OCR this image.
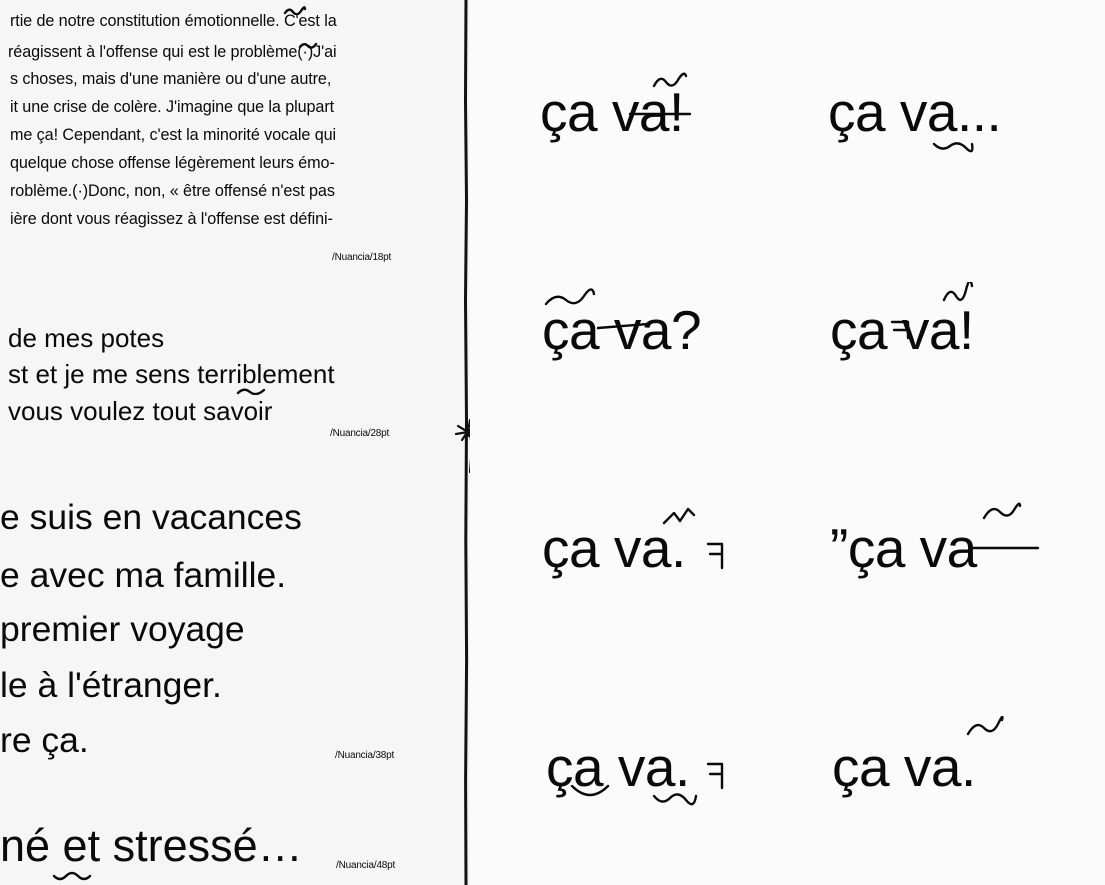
rtie de notre constitution émotionnelle. C'est la
réagissent à l'offense qui est le problème(·)J'ai
s choses, mais d'une manière ou d'une autre,
it une crise de colère. J'imagine que la plupart
me ça! Cependant, c'est la minorité vocale qui
quelque chose offense légèrement leurs émo-
roblème.(·)Donc, non, « être offensé n'est pas
ière dont vous réagissez à l'offense est défini-
/Nuancia/18pt
de mes potes
st et je me sens terriblement
vous voulez tout savoir
/Nuancia/28pt
e suis en vacances
e avec ma famille.
premier voyage
le à l'étranger.
re ça.	/Nuancia/38pt
né et stressé…	/Nuancia/48pt
ça va!	ça va...
ça va? ça va!
ça va.	”ça va
ça va.	ça va.
